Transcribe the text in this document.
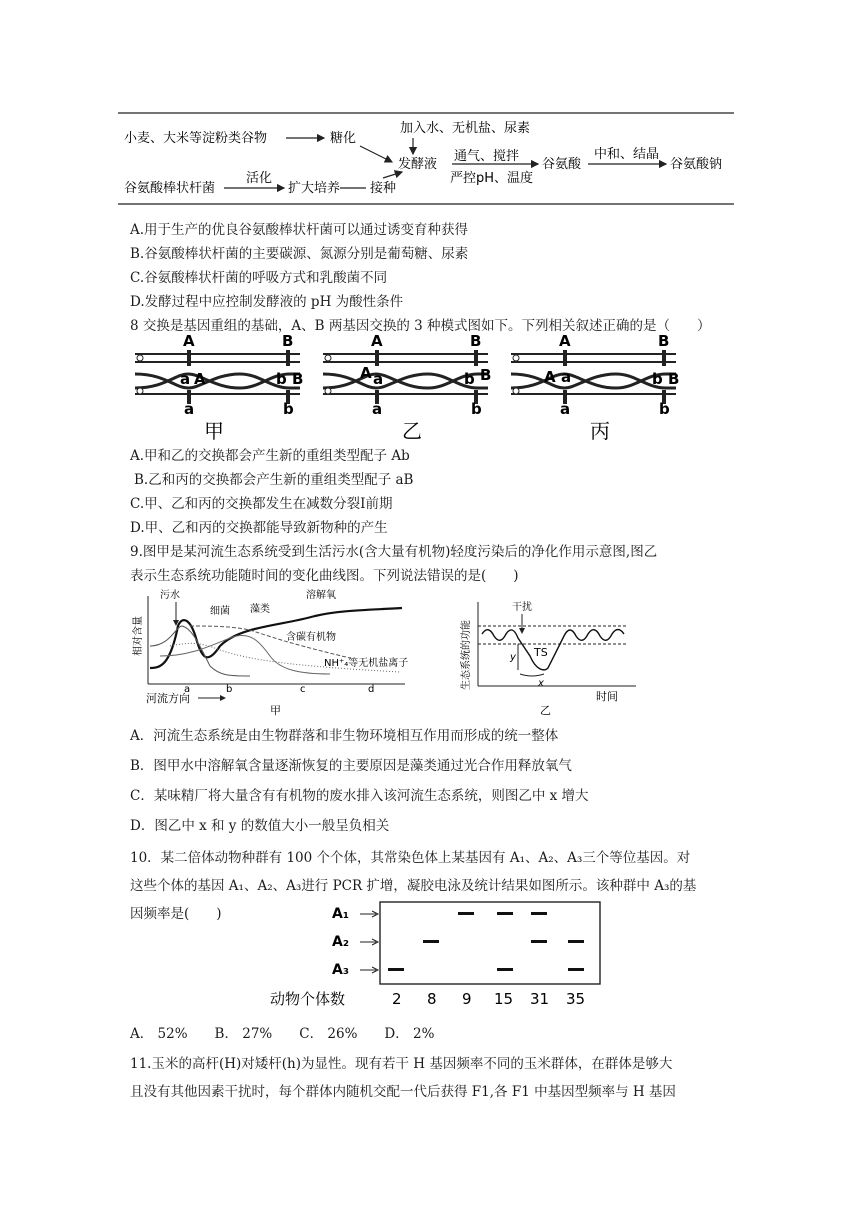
小麦、大米等淀粉类谷物	糖化
加入水、无机盐、尿素
发酵液
通气、搅拌
严控pH、温度
谷氨酸
中和、结晶
谷氨酸钠
谷氨酸棒状杆菌
活化
扩大培养 接种
A.用于生产的优良谷氨酸棒状杆菌可以通过诱变育种获得
B.谷氨酸棒状杆菌的主要碳源、氮源分别是葡萄糖、尿素
C.谷氨酸棒状杆菌的呼吸方式和乳酸菌不同
D.发酵过程中应控制发酵液的 pH 为酸性条件
8 交换是基因重组的基础，A、B 两基因交换的 3 种模式图如下。下列相关叙述正确的是（　　）
A	B
a A	b B
a	b
甲
A	B
A a	b B
a	b
乙
A	B
A a	b B
a	b
丙
A.甲和乙的交换都会产生新的重组类型配子 Ab
B.乙和丙的交换都会产生新的重组类型配子 aB
C.甲、乙和丙的交换都发生在减数分裂Ⅰ前期
D.甲、乙和丙的交换都能导致新物种的产生
9.图甲是某河流生态系统受到生活污水(含大量有机物)轻度污染后的净化作用示意图,图乙
表示生态系统功能随时间的变化曲线图。下列说法错误的是(　　)
相对含量
污水
细菌 藻类
溶解氧
含碳有机物
NH⁺₄等无机盐离子
a	b	c	d
河流方向
甲
生态系统的功能
干扰
TS
y
x
时间
乙
A．河流生态系统是由生物群落和非生物环境相互作用而形成的统一整体
B．图甲水中溶解氧含量逐渐恢复的主要原因是藻类通过光合作用释放氧气
C．某味精厂将大量含有有机物的废水排入该河流生态系统，则图乙中 x 增大
D．图乙中 x 和 y 的数值大小一般呈负相关
10．某二倍体动物种群有 100 个个体，其常染色体上某基因有 A₁、A₂、A₃三个等位基因。对
这些个体的基因 A₁、A₂、A₃进行 PCR 扩增，凝胶电泳及统计结果如图所示。该种群中 A₃的基
因频率是(　　)	A₁
A₂
A₃
动物个体数	2 8 9 15 31 35
A． 52%　　B． 27%　　C． 26%　　D． 2%
11.玉米的高杆(H)对矮杆(h)为显性。现有若干 H 基因频率不同的玉米群体，在群体是够大
且没有其他因素干扰时，每个群体内随机交配一代后获得 F1,各 F1 中基因型频率与 H 基因
